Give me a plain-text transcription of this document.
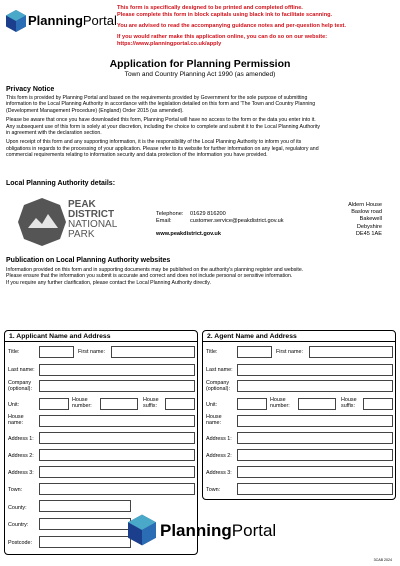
PlanningPortal
This form is specifically designed to be printed and completed offline.
Please complete this form in block capitals using black ink to facilitate scanning.
You are advised to read the accompanying guidance notes and per-question help text.
If you would rather make this application online, you can do so on our website:
https://www.planningportal.co.uk/apply
Application for Planning Permission
Town and Country Planning Act 1990 (as amended)
Privacy Notice
This form is provided by Planning Portal and based on the requirements provided by Government for the sole purpose of submitting
information to the Local Planning Authority in accordance with the legislation detailed on this form and 'The Town and Country Planning
(Development Management Procedure) (England) Order 2015 (as amended).
Please be aware that once you have downloaded this form, Planning Portal will have no access to the form or the data you enter into it.
Any subsequent use of this form is solely at your discretion, including the choice to complete and submit it to the Local Planning Authority
in agreement with the declaration section.
Upon receipt of this form and any supporting information, it is the responsibility of the Local Planning Authority to inform you of its
obligations in regards to the processing of your application. Please refer to its website for further information on any legal, regulatory and
commercial requirements relating to information security and data protection of the information you have provided.
Local Planning Authority details:
PEAK
DISTRICT
NATIONAL
PARK
Telephone: 01629 816200
Email:	customer.service@peakdistrict.gov.uk
www.peakdistrict.gov.uk
Aldern House
Baslow road
Bakewell
Debyshire
DE45 1AE
Publication on Local Planning Authority websites
Information provided on this form and in supporting documents may be published on the authority's planning register and website.
Please ensure that the information you submit is accurate and correct and does not include personal or sensitive information.
If you require any further clarification, please contact the Local Planning Authority directly.
1. Applicant Name and Address
Title:	First name:
Last name:
Company
(optional):
Unit:
House
number:
House
suffix:
House
name:
Address 1:
Address 2:
Address 3:
Town:
County:
Country:
Postcode:
2. Agent Name and Address
Title:	First name:
Last name:
Company
(optional):
Unit:
House
number:
House
suffix:
House
name:
Address 1:
Address 2:
Address 3:
Town:
PlanningPortal
3CAB 2024
